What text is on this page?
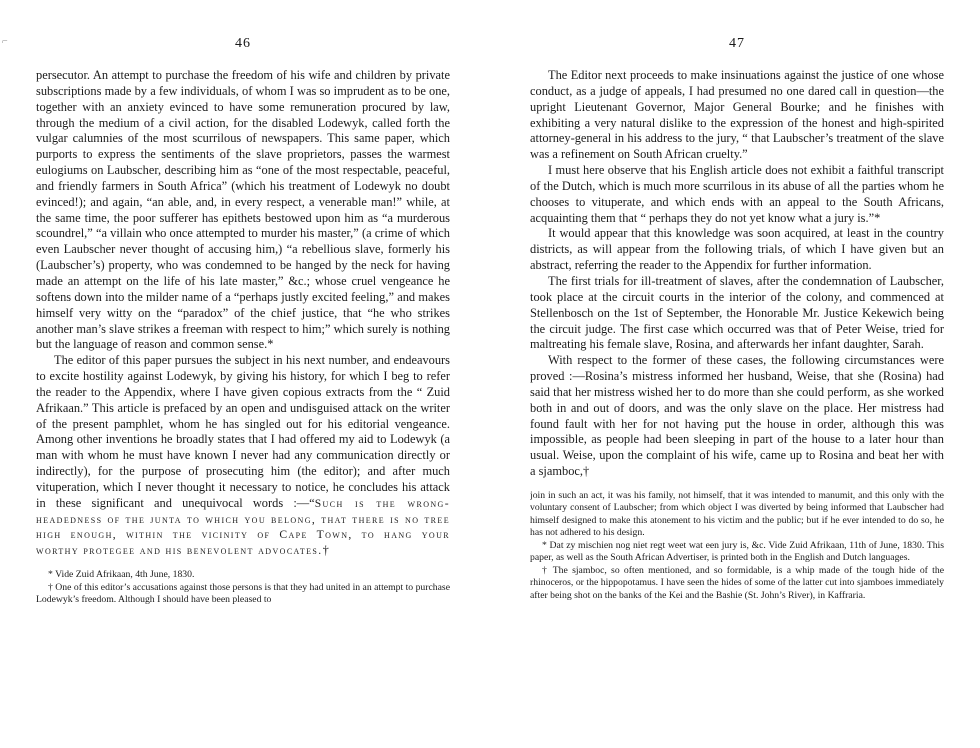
⌐	46

persecutor. An attempt to purchase the freedom of his wife and children by private subscriptions made by a few individuals, of whom I was so imprudent as to be one, together with an anxiety evinced to have some remuneration procured by law, through the medium of a civil action, for the disabled Lodewyk, called forth the vulgar calumnies of the most scurrilous of newspapers. This same paper, which purports to express the sentiments of the slave proprietors, passes the warmest eulogiums on Laubscher, describing him as “one of the most respectable, peaceful, and friendly farmers in South Africa” (which his treatment of Lodewyk no doubt evinced!); and again, “an able, and, in every respect, a venerable man!” while, at the same time, the poor sufferer has epithets bestowed upon him as “a murderous scoundrel,” “a villain who once attempted to murder his master,” (a crime of which even Laubscher never thought of accusing him,) “a rebellious slave, formerly his (Laubscher’s) property, who was condemned to be hanged by the neck for having made an attempt on the life of his late master,” &c.; whose cruel vengeance he softens down into the milder name of a “perhaps justly excited feeling,” and makes himself very witty on the “paradox” of the chief justice, that “he who strikes another man’s slave strikes a freeman with respect to him;” which surely is nothing but the language of reason and common sense.*

The editor of this paper pursues the subject in his next number, and endeavours to excite hostility against Lodewyk, by giving his history, for which I beg to refer the reader to the Appendix, where I have given copious extracts from the “ Zuid Afrikaan.” This article is prefaced by an open and undisguised attack on the writer of the present pamphlet, whom he has singled out for his editorial vengeance. Among other inventions he broadly states that I had offered my aid to Lodewyk (a man with whom he must have known I never had any communication directly or indirectly), for the purpose of prosecuting him (the editor); and after much vituperation, which I never thought it necessary to notice, he concludes his attack in these significant and unequivocal words :—“Such is the wrong-headedness of the junta to which you belong, that there is no tree high enough, within the vicinity of Cape Town, to hang your worthy protegee and his benevolent advocates.†

* Vide Zuid Afrikaan, 4th June, 1830.

† One of this editor’s accusations against those persons is that they had united in an attempt to purchase Lodewyk’s freedom. Although I should have been pleased to

47

The Editor next proceeds to make insinuations against the justice of one whose conduct, as a judge of appeals, I had presumed no one dared call in question—the upright Lieutenant Governor, Major General Bourke; and he finishes with exhibiting a very natural dislike to the expression of the honest and high-spirited attorney-general in his address to the jury, “ that Laubscher’s treatment of the slave was a refinement on South African cruelty.”

I must here observe that his English article does not exhibit a faithful transcript of the Dutch, which is much more scurrilous in its abuse of all the parties whom he chooses to vituperate, and which ends with an appeal to the South Africans, acquainting them that “ perhaps they do not yet know what a jury is.”*

It would appear that this knowledge was soon acquired, at least in the country districts, as will appear from the following trials, of which I have given but an abstract, referring the reader to the Appendix for further information.

The first trials for ill-treatment of slaves, after the condemnation of Laubscher, took place at the circuit courts in the interior of the colony, and commenced at Stellenbosch on the 1st of September, the Honorable Mr. Justice Kekewich being the circuit judge. The first case which occurred was that of Peter Weise, tried for maltreating his female slave, Rosina, and afterwards her infant daughter, Sarah.

With respect to the former of these cases, the following circumstances were proved :—Rosina’s mistress informed her husband, Weise, that she (Rosina) had said that her mistress wished her to do more than she could perform, as she worked both in and out of doors, and was the only slave on the place. Her mistress had found fault with her for not having put the house in order, although this was impossible, as people had been sleeping in part of the house to a later hour than usual. Weise, upon the complaint of his wife, came up to Rosina and beat her with a sjamboc,†

join in such an act, it was his family, not himself, that it was intended to manumit, and this only with the voluntary consent of Laubscher; from which object I was diverted by being informed that Laubscher had himself designed to make this atonement to his victim and the public; but if he ever intended to do so, he has not adhered to his design.

* Dat zy mischien nog niet regt weet wat een jury is, &c. Vide Zuid Afrikaan, 11th of June, 1830. This paper, as well as the South African Advertiser, is printed both in the English and Dutch languages.

† The sjamboc, so often mentioned, and so formidable, is a whip made of the tough hide of the rhinoceros, or the hippopotamus. I have seen the hides of some of the latter cut into sjamboes immediately after being shot on the banks of the Kei and the Bashie (St. John’s River), in Kaffraria.
